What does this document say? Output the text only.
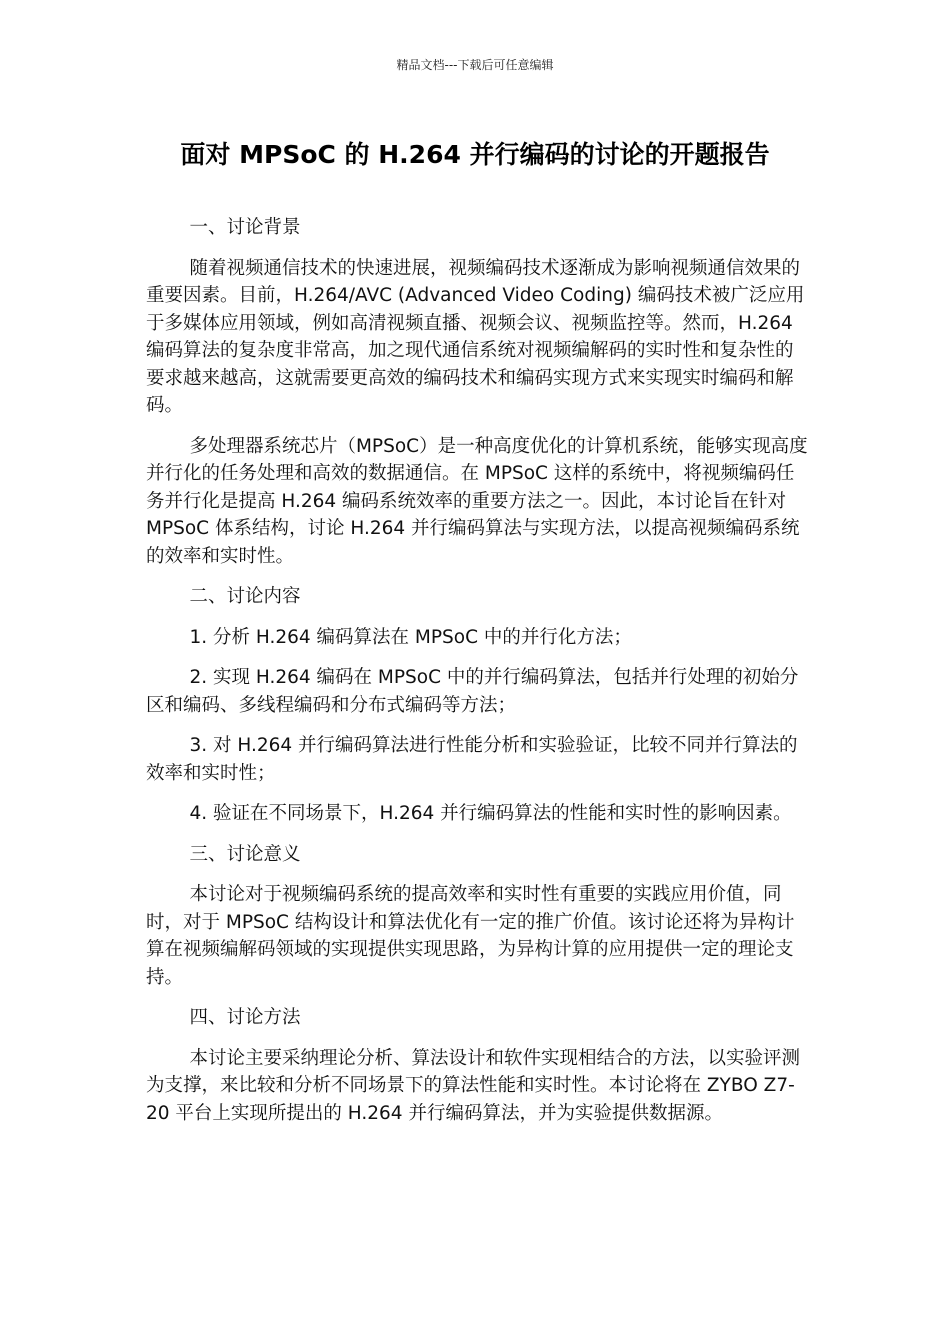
精品文档---下载后可任意编辑
面对 MPSoC 的 H.264 并行编码的讨论的开题报告

一、讨论背景

随着视频通信技术的快速进展，视频编码技术逐渐成为影响视频通信效果的重要因素。目前，H.264/AVC (Advanced Video Coding) 编码技术被广泛应用于多媒体应用领域，例如高清视频直播、视频会议、视频监控等。然而，H.264 编码算法的复杂度非常高，加之现代通信系统对视频编解码的实时性和复杂性的要求越来越高，这就需要更高效的编码技术和编码实现方式来实现实时编码和解码。

多处理器系统芯片（MPSoC）是一种高度优化的计算机系统，能够实现高度并行化的任务处理和高效的数据通信。在 MPSoC 这样的系统中，将视频编码任务并行化是提高 H.264 编码系统效率的重要方法之一。因此，本讨论旨在针对 MPSoC 体系结构，讨论 H.264 并行编码算法与实现方法，以提高视频编码系统的效率和实时性。

二、讨论内容

1. 分析 H.264 编码算法在 MPSoC 中的并行化方法；

2. 实现 H.264 编码在 MPSoC 中的并行编码算法，包括并行处理的初始分区和编码、多线程编码和分布式编码等方法；

3. 对 H.264 并行编码算法进行性能分析和实验验证，比较不同并行算法的效率和实时性；

4. 验证在不同场景下，H.264 并行编码算法的性能和实时性的影响因素。

三、讨论意义

本讨论对于视频编码系统的提高效率和实时性有重要的实践应用价值，同时，对于 MPSoC 结构设计和算法优化有一定的推广价值。该讨论还将为异构计算在视频编解码领域的实现提供实现思路，为异构计算的应用提供一定的理论支持。

四、讨论方法

本讨论主要采纳理论分析、算法设计和软件实现相结合的方法，以实验评测为支撑，来比较和分析不同场景下的算法性能和实时性。本讨论将在 ZYBO Z7-20 平台上实现所提出的 H.264 并行编码算法，并为实验提供数据源。
